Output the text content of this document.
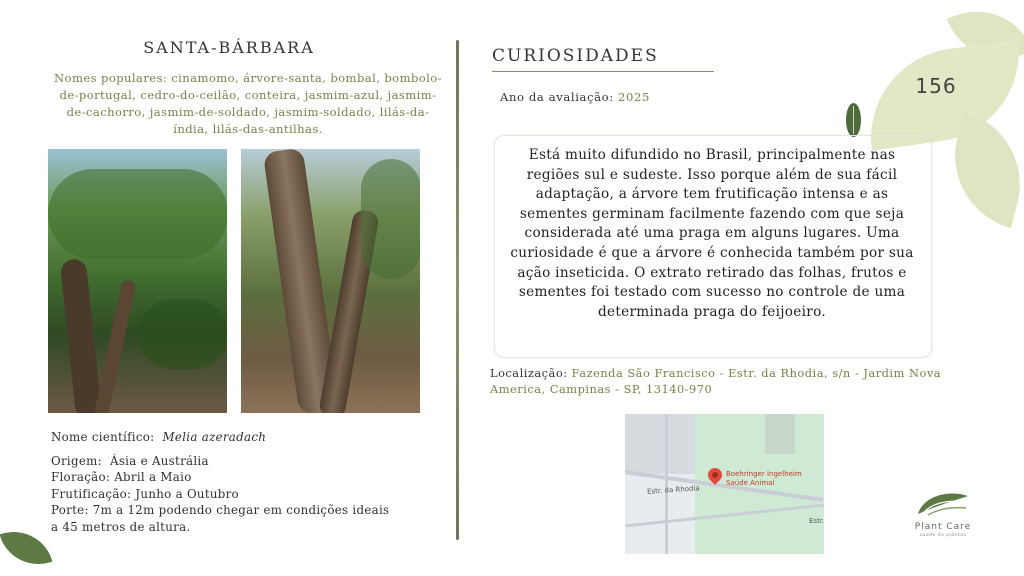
156
SANTA-BÁRBARA
Nomes populares: cinamomo, árvore-santa, bombal, bombolo-de-portugal, cedro-do-ceilão, conteira, jasmim-azul, jasmim-de-cachorro, jasmim-de-soldado, jasmim-soldado, lilás-da-índia, lilás-das-antilhas.

Nome científico: Melia azeradach

Origem: Ásia e Austrália

Floração: Abril a Maio

Frutificação: Junho a Outubro

Porte: 7m a 12m podendo chegar em condições ideais a 45 metros de altura.

CURIOSIDADES
Ano da avaliação: 2025
Está muito difundido no Brasil, principalmente nas regiões sul e sudeste. Isso porque além de sua fácil adaptação, a árvore tem frutificação intensa e as sementes germinam facilmente fazendo com que seja considerada até uma praga em alguns lugares. Uma curiosidade é que a árvore é conhecida também por sua ação inseticida. O extrato retirado das folhas, frutos e sementes foi testado com sucesso no controle de uma determinada praga do feijoeiro.
Localização: Fazenda São Francisco - Estr. da Rhodia, s/n - Jardim Nova America, Campinas - SP, 13140-970
Boehringer Ingelheim
Saúde Animal
Estr. da Rhodia
Estr.
Plant Care
saúde da plantas
